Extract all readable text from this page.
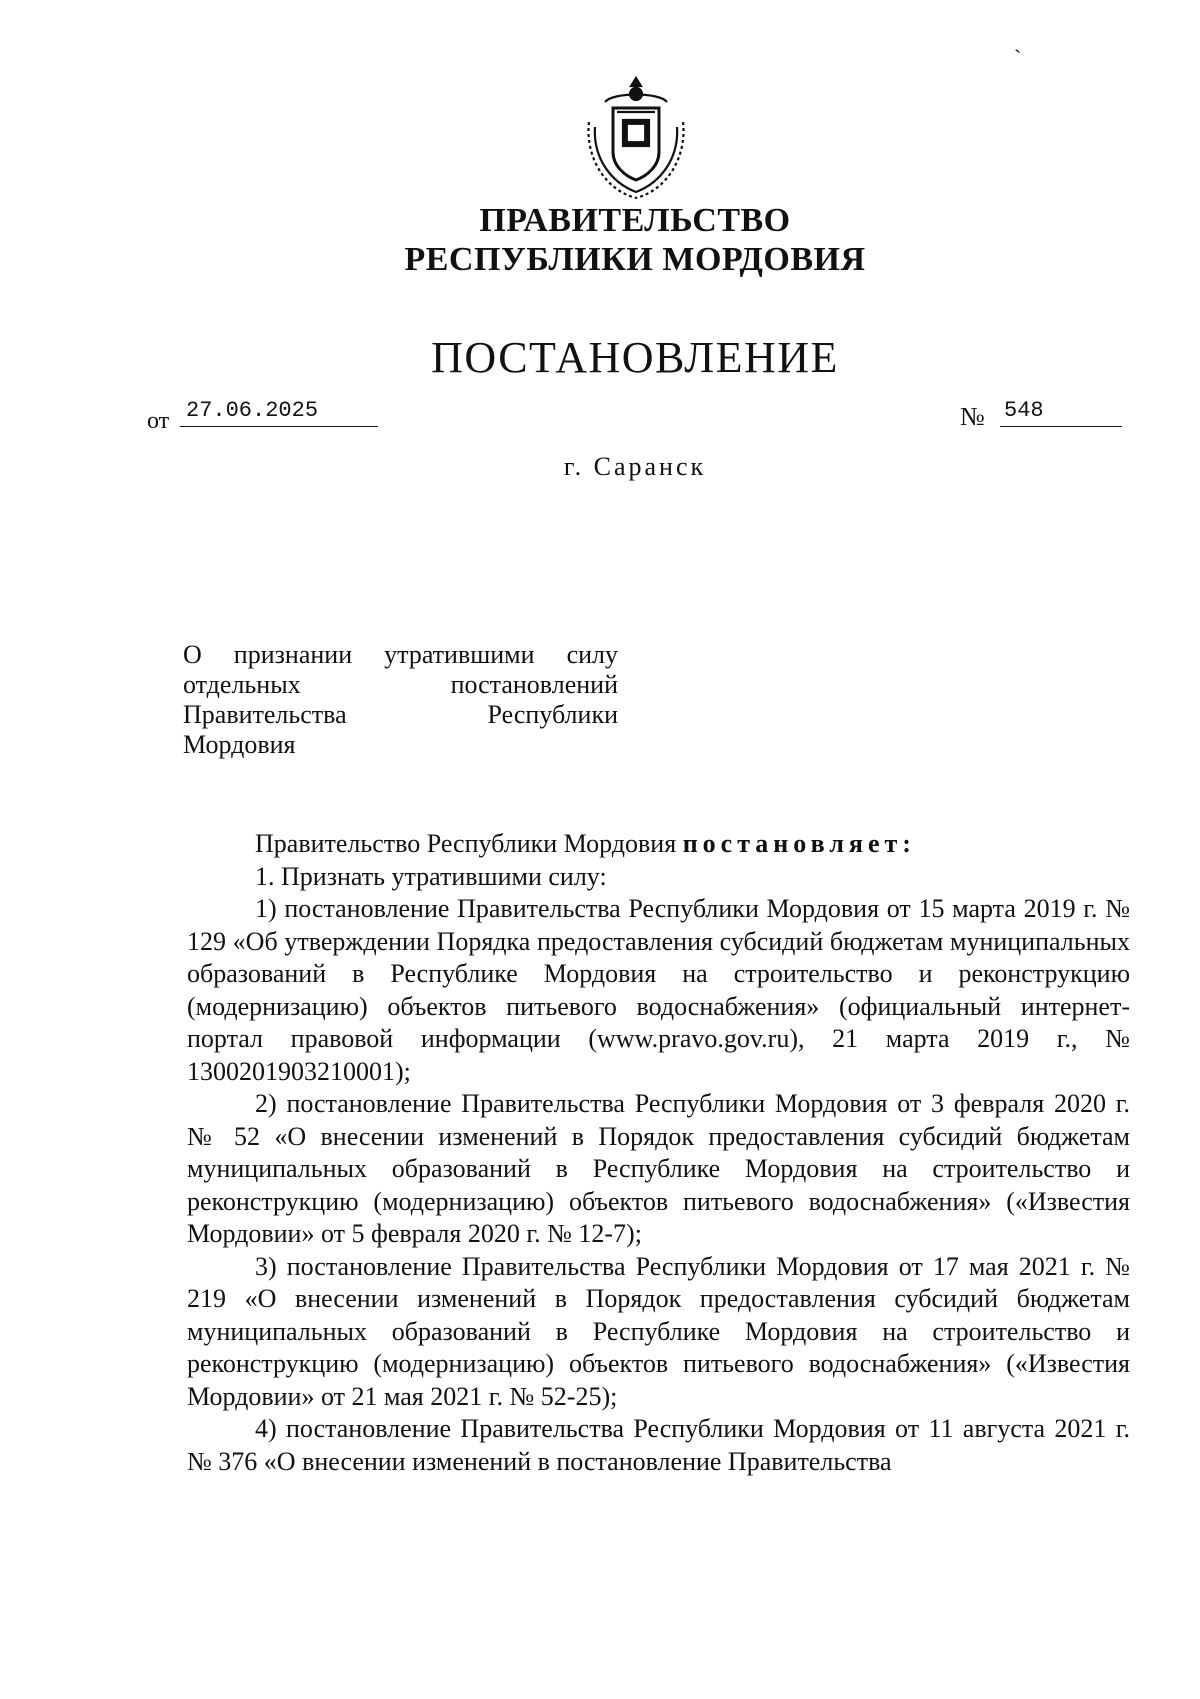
ˏ
ПРАВИТЕЛЬСТВО
РЕСПУБЛИКИ МОРДОВИЯ
ПОСТАНОВЛЕНИЕ
от 27.06.2025	№ 548
г. Саранск
О признании утратившими силу
отдельных постановлений
Правительства Республики
Мордовия

Правительство Республики Мордовия постановляет:

1. Признать утратившими силу:

1) постановление Правительства Республики Мордовия от 15 марта 2019 г. № 129 «Об утверждении Порядка предоставления субсидий бюджетам муниципальных образований в Республике Мордовия на строительство и реконструкцию (модернизацию) объектов питьевого водоснабжения» (официальный интернет-портал правовой информации (www.pravo.gov.ru), 21 марта 2019 г., № 1300201903210001);

2) постановление Правительства Республики Мордовия от 3 февраля 2020 г. № 52 «О внесении изменений в Порядок предоставления субсидий бюджетам муниципальных образований в Республике Мордовия на строительство и реконструкцию (модернизацию) объектов питьевого водоснабжения» («Известия Мордовии» от 5 февраля 2020 г. № 12-7);

3) постановление Правительства Республики Мордовия от 17 мая 2021 г. № 219 «О внесении изменений в Порядок предоставления субсидий бюджетам муниципальных образований в Республике Мордовия на строительство и реконструкцию (модернизацию) объектов питьевого водоснабжения» («Известия Мордовии» от 21 мая 2021 г. № 52-25);

4) постановление Правительства Республики Мордовия от 11 августа 2021 г. № 376 «О внесении изменений в постановление Правительства
